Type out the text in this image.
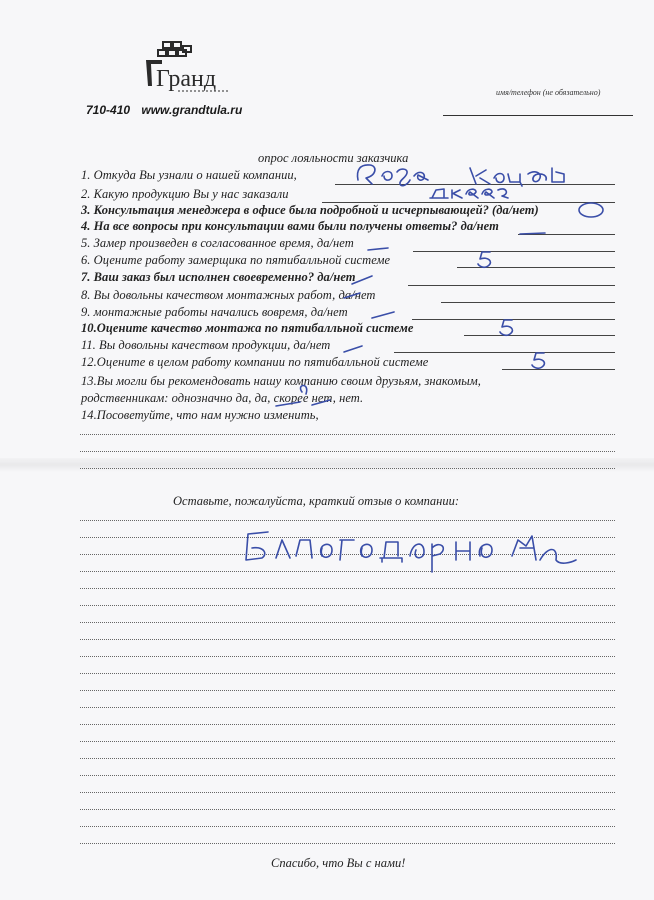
Гранд
710-410 www.grandtula.ru
имя/телефон (не обязательно)
опрос лояльности заказчика
1. Откуда Вы узнали о нашей компании,
2. Какую продукцию Вы у нас заказали
3. Консультация менеджера в офисе была подробной и исчерпывающей? (да/нет)
4. На все вопросы при консультации вами были получены ответы? да/нет
5. Замер произведен в согласованное время, да/нет
6. Оцените работу замерщика по пятибалльной системе
7. Ваш заказ был исполнен своевременно? да/нет
8. Вы довольны качеством монтажных работ, да/нет
9. монтажные работы начались вовремя, да/нет
10.Оцените качество монтажа по пятибалльной системе
11. Вы довольны качеством продукции, да/нет
12.Оцените в целом работу компании по пятибалльной системе
13.Вы могли бы рекомендовать нашу компанию своим друзьям, знакомым,
родственникам: однозначно да, да, скорее нет, нет.
14.Посоветуйте, что нам нужно изменить,
Оставьте, пожалуйста, краткий отзыв о компании:
Спасибо, что Вы с нами!
